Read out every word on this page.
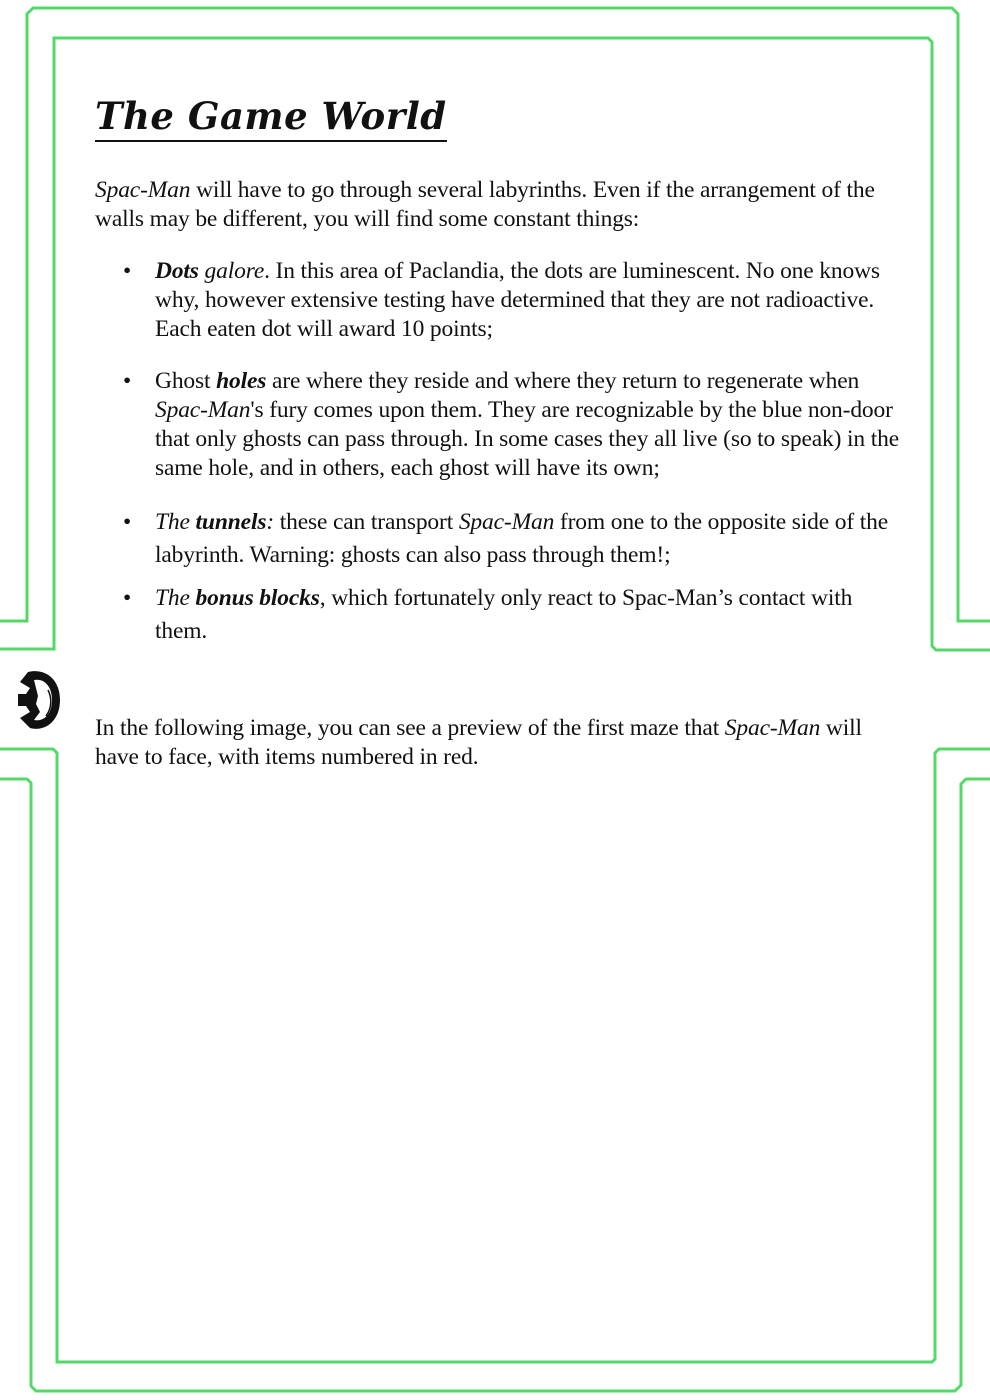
The Game World

Spac-Man will have to go through several labyrinths. Even if the arrangement of the walls may be different, you will find some constant things:

• Dots galore. In this area of Paclandia, the dots are luminescent. No one knows why, however extensive testing have determined that they are not radioactive. Each eaten dot will award 10 points;
• Ghost holes are where they reside and where they return to regenerate when Spac-Man's fury comes upon them. They are recognizable by the blue non-door that only ghosts can pass through. In some cases they all live (so to speak) in the same hole, and in others, each ghost will have its own;
• The tunnels: these can transport Spac-Man from one to the opposite side of the labyrinth. Warning: ghosts can also pass through them!;
• The bonus blocks, which fortunately only react to Spac-Man’s contact with them.

In the following image, you can see a preview of the first maze that Spac-Man will have to face, with items numbered in red.
